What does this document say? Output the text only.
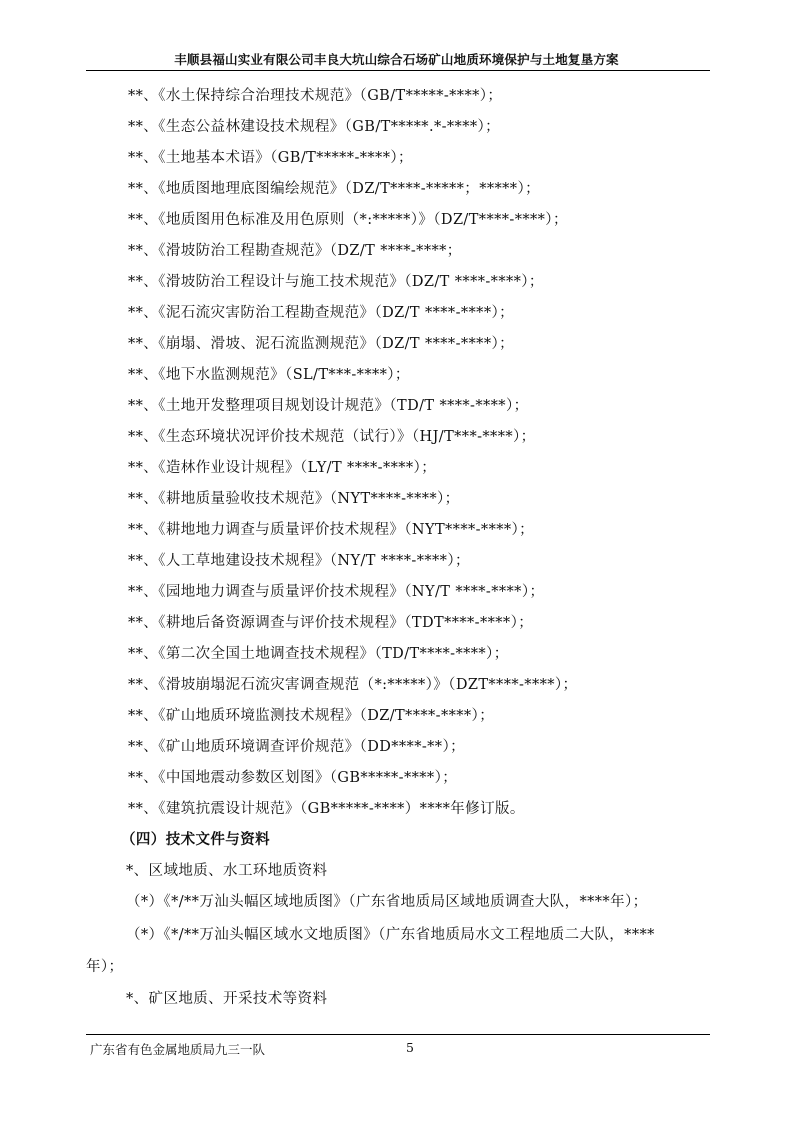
丰顺县福山实业有限公司丰良大坑山综合石场矿山地质环境保护与土地复垦方案
**、《水土保持综合治理技术规范》（GB/T*****-****）；
**、《生态公益林建设技术规程》（GB/T*****.*-****）；
**、《土地基本术语》（GB/T*****-****）；
**、《地质图地理底图编绘规范》（DZ/T****-*****；*****）；
**、《地质图用色标准及用色原则（*:*****）》（DZ/T****-****）；
**、《滑坡防治工程勘查规范》（DZ/T ****-****；
**、《滑坡防治工程设计与施工技术规范》（DZ/T ****-****）；
**、《泥石流灾害防治工程勘查规范》（DZ/T ****-****）；
**、《崩塌、滑坡、泥石流监测规范》（DZ/T ****-****）；
**、《地下水监测规范》（SL/T***-****）；
**、《土地开发整理项目规划设计规范》（TD/T ****-****）；
**、《生态环境状况评价技术规范（试行）》（HJ/T***-****）；
**、《造林作业设计规程》（LY/T ****-****）；
**、《耕地质量验收技术规范》（NYT****-****）；
**、《耕地地力调查与质量评价技术规程》（NYT****-****）；
**、《人工草地建设技术规程》（NY/T ****-****）；
**、《园地地力调查与质量评价技术规程》（NY/T ****-****）；
**、《耕地后备资源调查与评价技术规程》（TDT****-****）；
**、《第二次全国土地调查技术规程》（TD/T****-****）；
**、《滑坡崩塌泥石流灾害调查规范（*:*****）》（DZT****-****）；
**、《矿山地质环境监测技术规程》（DZ/T****-****）；
**、《矿山地质环境调查评价规范》（DD****-**）；
**、《中国地震动参数区划图》（GB*****-****）；
**、《建筑抗震设计规范》（GB*****-****）****年修订版。
（四）技术文件与资料
*、区域地质、水工环地质资料
（*）《*/**万汕头幅区域地质图》（广东省地质局区域地质调查大队，****年）；
（*）《*/**万汕头幅区域水文地质图》（广东省地质局水文工程地质二大队，****
年）；
*、矿区地质、开采技术等资料
广东省有色金属地质局九三一队	5
